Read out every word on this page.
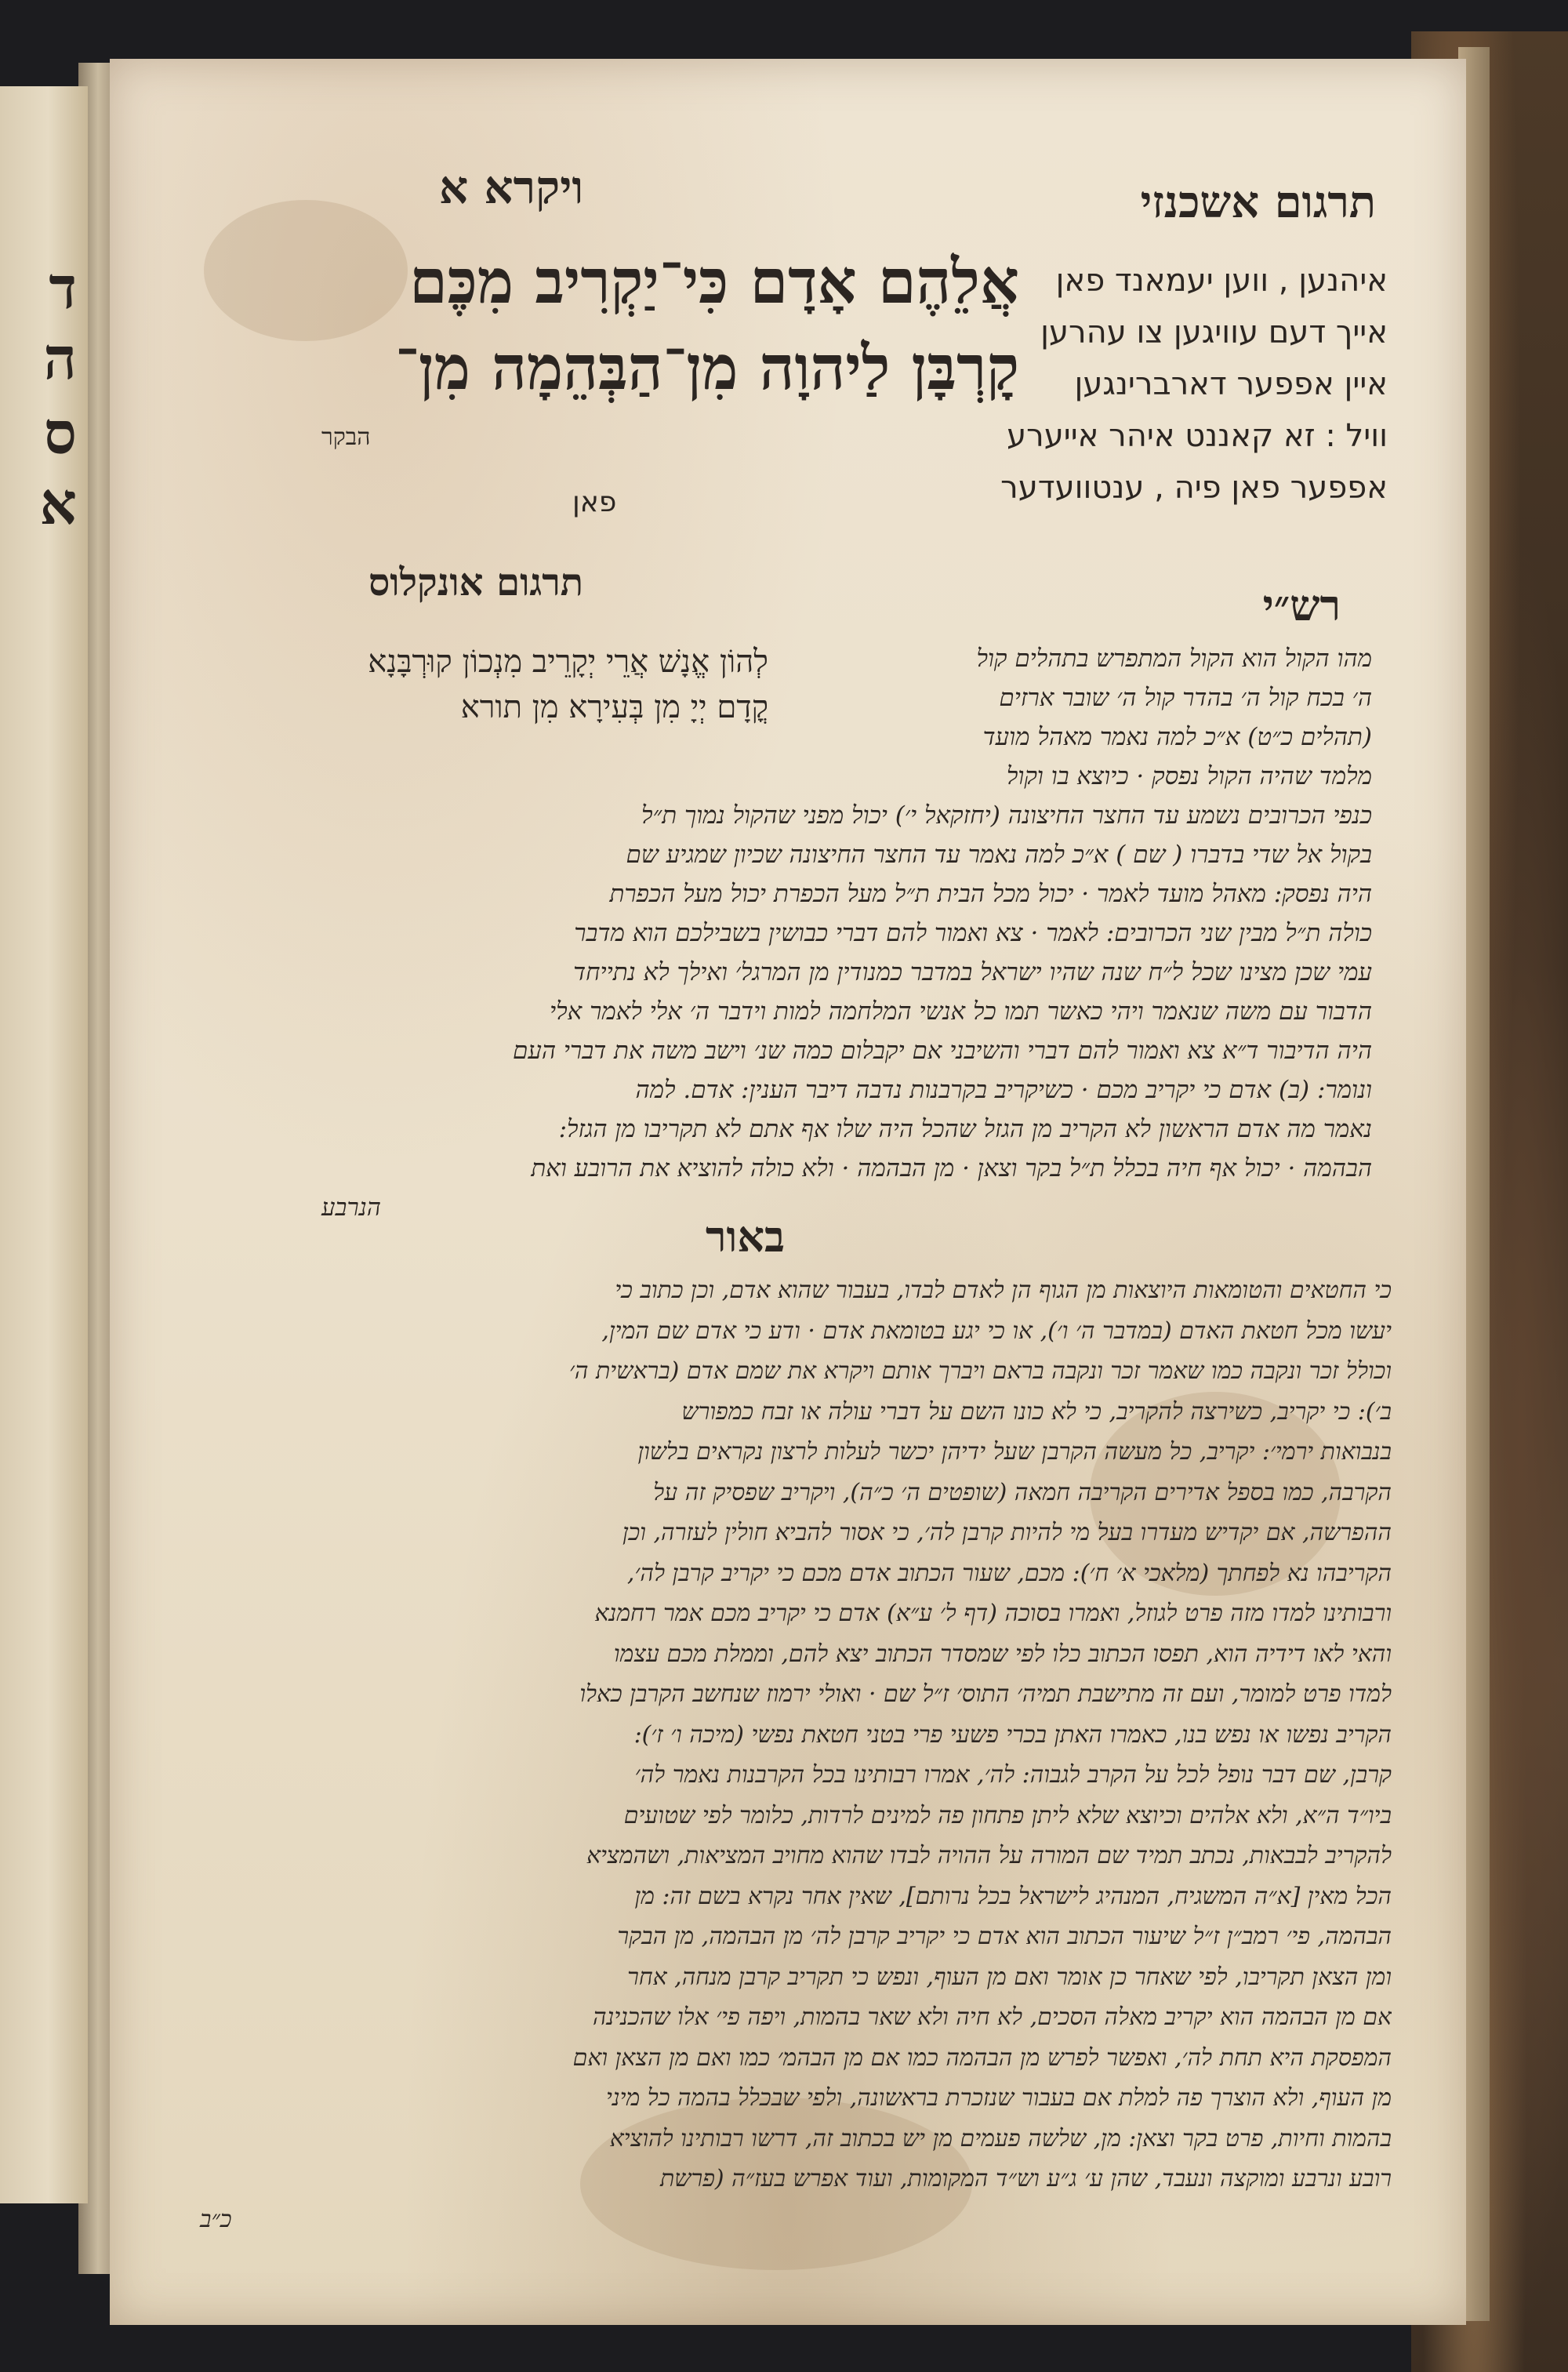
ד
ה
ס
א
תרגום אשכנזי
ויקרא א
איהנען , ווען יעמאנד פאן
אייך דעם עוויגען צו עהרען
איין אפפער דארברינגען
וויל : זא קאננט איהר אייערע
אפפער פאן פיה , ענטוועדער
אֲלֵהֶם אָדָם כִּי־יַקְרִיב מִכֶּם
קָרְבָּן לַיהוָה מִן־הַבְּהֵמָה מִן־
הבקר
פאן
תרגום אונקלוס	רש״י
לְהוֹן אֱנָשׁ אֲרֵי יְקָרֵיב מִנְכוֹן קוּרְבָּנָא
קֳדָם יְיָ מִן בְּעִירָא מִן תורא
מהו הקול הוא הקול המתפרש בתהלים קול
ה׳ בכח קול ה׳ בהדר קול ה׳ שובר ארזים
(תהלים כ״ט) א״כ למה נאמר מאהל מועד
מלמד שהיה הקול נפסק · כיוצא בו וקול
כנפי הכרובים נשמע עד החצר החיצונה (יחזקאל י׳) יכול מפני שהקול נמוך ת״ל
בקול אל שדי בדברו ( שם ) א״כ למה נאמר עד החצר החיצונה שכיון שמגיע שם
היה נפסק: מאהל מועד לאמר · יכול מכל הבית ת״ל מעל הכפרת יכול מעל הכפרת
כולה ת״ל מבין שני הכרובים: לאמר · צא ואמור להם דברי כבושין בשבילכם הוא מדבר
עמי שכן מצינו שכל ל״ח שנה שהיו ישראל במדבר כמנודין מן המרגל׳ ואילך לא נתייחד
הדבור עם משה שנאמר ויהי כאשר תמו כל אנשי המלחמה למות וידבר ה׳ אלי לאמר אלי
היה הדיבור ד״א צא ואמור להם דברי והשיבני אם יקבלום כמה שנ׳ וישב משה את דברי העם
ונומר: (ב) אדם כי יקריב מכם · כשיקריב בקרבנות נדבה דיבר הענין: אדם. למה
נאמר מה אדם הראשון לא הקריב מן הגזל שהכל היה שלו אף אתם לא תקריבו מן הגזל:
הבהמה · יכול אף חיה בכלל ת״ל בקר וצאן · מן הבהמה · ולא כולה להוציא את הרובע ואת
הנרבע
באור
כי החטאים והטומאות היוצאות מן הגוף הן לאדם לבדו, בעבור שהוא אדם, וכן כתוב כי
יעשו מכל חטאת האדם (במדבר ה׳ ו׳), או כי יגע בטומאת אדם · ודע כי אדם שם המין,
וכולל זכר ונקבה כמו שאמר זכר ונקבה בראם ויברך אותם ויקרא את שמם אדם (בראשית ה׳
ב׳): כי יקריב, כשירצה להקריב, כי לא כונו השם על דברי עולה או זבח כמפורש
בנבואות ירמי׳: יקריב, כל מעשה הקרבן שעל ידיהן יכשר לעלות לרצון נקראים בלשון
הקרבה, כמו בספל אדירים הקריבה חמאה (שופטים ה׳ כ״ה), ויקריב שפסיק זה על
ההפרשה, אם יקדיש מעדרו בעל מי להיות קרבן לה׳, כי אסור להביא חולין לעזרה, וכן
הקריבהו נא לפחתך (מלאכי א׳ ח׳): מכם, שעור הכתוב אדם מכם כי יקריב קרבן לה׳,
ורבותינו למדו מזה פרט לגוזל, ואמרו בסוכה (דף ל׳ ע״א) אדם כי יקריב מכם אמר רחמנא
והאי לאו דידיה הוא, תפסו הכתוב כלו לפי שמסדר הכתוב יצא להם, וממלת מכם עצמו
למדו פרט למומר, ועם זה מתישבת תמיה׳ התוס׳ ז״ל שם · ואולי ירמוז שנחשב הקרבן כאלו
הקריב נפשו או נפש בנו, כאמרו האתן בכרי פשעי פרי בטני חטאת נפשי (מיכה ו׳ ז׳):
קרבן, שם דבר נופל לכל על הקרב לגבוה: לה׳, אמרו רבותינו בכל הקרבנות נאמר לה׳
ביו״ד ה״א, ולא אלהים וכיוצא שלא ליתן פתחון פה למינים לרדות, כלומר לפי שטועים
להקריב לבבאות, נכתב תמיד שם המורה על ההויה לבדו שהוא מחויב המציאות, ושהמציא
הכל מאין [א״ה המשגיח, המנהיג לישראל בכל נרותם], שאין אחר נקרא בשם זה: מן
הבהמה, פי׳ רמב״ן ז״ל שיעור הכתוב הוא אדם כי יקריב קרבן לה׳ מן הבהמה, מן הבקר
ומן הצאן תקריבו, לפי שאחר כן אומר ואם מן העוף, ונפש כי תקריב קרבן מנחה, אחר
אם מן הבהמה הוא יקריב מאלה הסכים, לא חיה ולא שאר בהמות, ויפה פי׳ אלו שהכנינה
המפסקת היא תחת לה׳, ואפשר לפרש מן הבהמה כמו אם מן הבהמ׳ כמו ואם מן הצאן ואם
מן העוף, ולא הוצרך פה למלת אם בעבור שנזכרת בראשונה, ולפי שבכלל בהמה כל מיני
בהמות וחיות, פרט בקר וצאן: מן, שלשה פעמים מן יש בכתוב זה, דרשו רבותינו להוציא
רובע ונרבע ומוקצה ונעבד, שהן ע׳ ג״ע וש״ד המקומות, ועוד אפרש בעז״ה (פרשת
כ״ב
